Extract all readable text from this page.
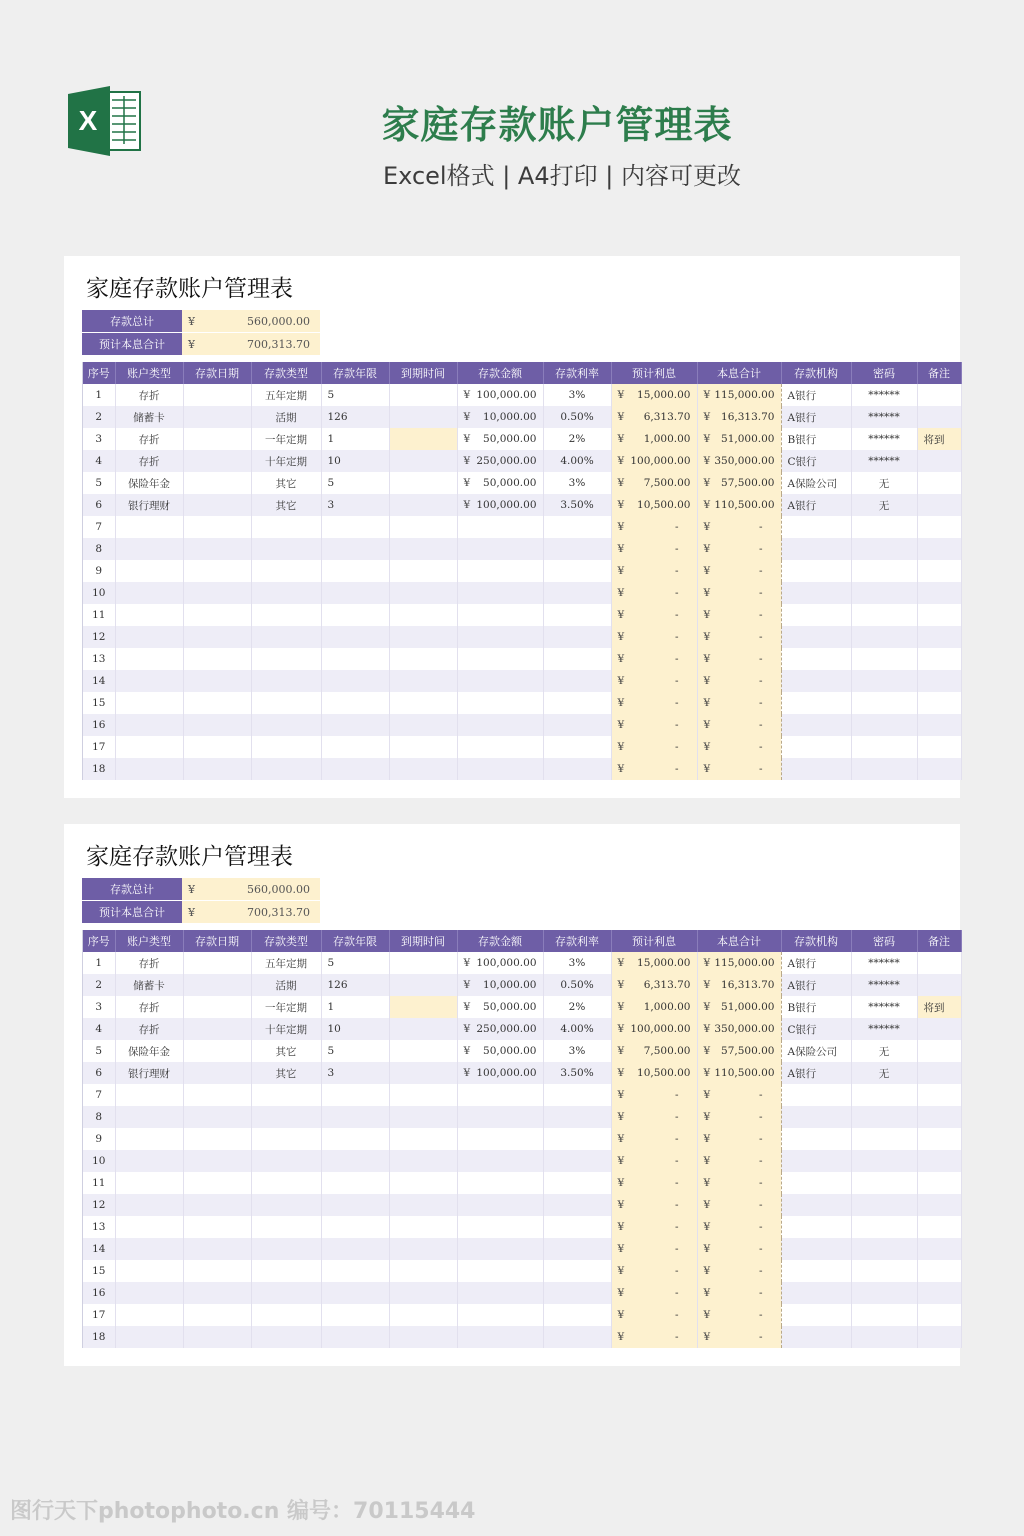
X	家庭存款账户管理表
Excel格式 | A4打印 | 内容可更改
家庭存款账户管理表
存款总计	¥	560,000.00
预计本息合计	¥	700,313.70
序号	账户类型	存款日期	存款类型	存款年限	到期时间	存款金额	存款利率	预计利息	本息合计	存款机构	密码	备注
1	存折		五年定期	5		¥ 100,000.00	3%	¥ 15,000.00	¥ 115,000.00	A银行	******	
2	储蓄卡		活期	126		¥ 10,000.00	0.50%	¥ 6,313.70	¥ 16,313.70	A银行	******	
3	存折		一年定期	1		¥ 50,000.00	2%	¥ 1,000.00	¥ 51,000.00	B银行	******	将到
4	存折		十年定期	10		¥ 250,000.00	4.00%	¥ 100,000.00	¥ 350,000.00	C银行	******	
5	保险年金		其它	5		¥ 50,000.00	3%	¥ 7,500.00	¥ 57,500.00	A保险公司	无	
6	银行理财		其它	3		¥ 100,000.00	3.50%	¥ 10,500.00	¥ 110,500.00	A银行	无	
7								¥ -	¥ -			

8								¥ -	¥ -			

9								¥ -	¥ -			

10								¥ -	¥ -			

11								¥ -	¥ -			

12								¥ -	¥ -			

13								¥ -	¥ -			

14								¥ -	¥ -			

15								¥ -	¥ -			

16								¥ -	¥ -			

17								¥ -	¥ -			

18								¥ -	¥ -			

家庭存款账户管理表
存款总计	¥	560,000.00
预计本息合计	¥	700,313.70
序号	账户类型	存款日期	存款类型	存款年限	到期时间	存款金额	存款利率	预计利息	本息合计	存款机构	密码	备注
1	存折		五年定期	5		¥ 100,000.00	3%	¥ 15,000.00	¥ 115,000.00	A银行	******	
2	储蓄卡		活期	126		¥ 10,000.00	0.50%	¥ 6,313.70	¥ 16,313.70	A银行	******	
3	存折		一年定期	1		¥ 50,000.00	2%	¥ 1,000.00	¥ 51,000.00	B银行	******	将到
4	存折		十年定期	10		¥ 250,000.00	4.00%	¥ 100,000.00	¥ 350,000.00	C银行	******	
5	保险年金		其它	5		¥ 50,000.00	3%	¥ 7,500.00	¥ 57,500.00	A保险公司	无	
6	银行理财		其它	3		¥ 100,000.00	3.50%	¥ 10,500.00	¥ 110,500.00	A银行	无	
7								¥ -	¥ -			

8								¥ -	¥ -			

9								¥ -	¥ -			

10								¥ -	¥ -			

11								¥ -	¥ -			

12								¥ -	¥ -			

13								¥ -	¥ -			

14								¥ -	¥ -			

15								¥ -	¥ -			

16								¥ -	¥ -			

17								¥ -	¥ -			

18								¥ -	¥ -			

图行天下photophoto.cn 编号：70115444
